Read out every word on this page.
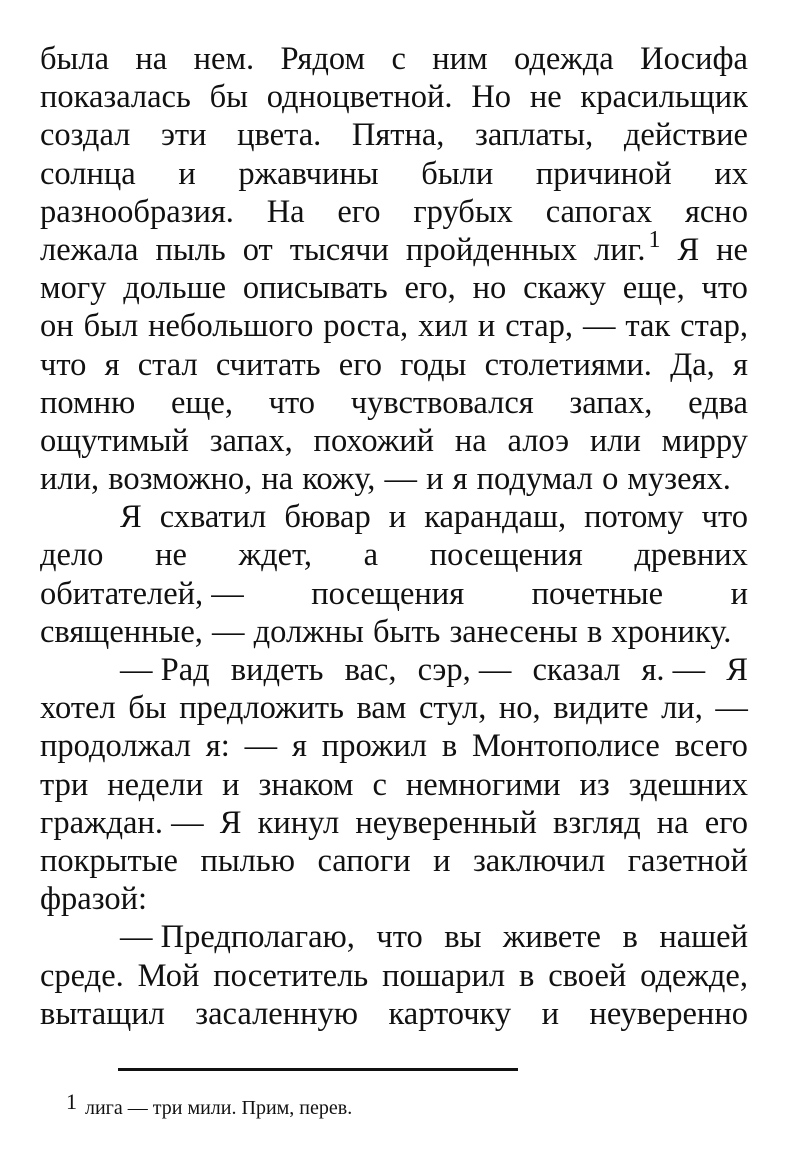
была на нем. Рядом с ним одежда Иосифа
показалась бы одноцветной. Но не красильщик
создал эти цвета. Пятна, заплаты, действие
солнца и ржавчины были причиной их
разнообразия. На его грубых сапогах ясно
лежала пыль от тысячи пройденных лиг. $^1$ Я не
могу дольше описывать его, но скажу еще, что
он был небольшого роста, хил и стар, — так стар,
что я стал считать его годы столетиями. Да, я
помню еще, что чувствовался запах, едва
ощутимый запах, похожий на алоэ или мирру
или, возможно, на кожу, — и я подумал о музеях.
Я схватил бювар и карандаш, потому что
дело не ждет, а посещения древних
обитателей, — посещения почетные и
священные, — должны быть занесены в хронику.
— Рад видеть вас, сэр, — сказал я. — Я
хотел бы предложить вам стул, но, видите ли, —
продолжал я: — я прожил в Монтополисе всего
три недели и знаком с немногими из здешних
граждан. — Я кинул неуверенный взгляд на его
покрытые пылью сапоги и заключил газетной
фразой:
— Предполагаю, что вы живете в нашей
среде. Мой посетитель пошарил в своей одежде,
вытащил засаленную карточку и неуверенно
1 лига — три мили. Прим, перев.
